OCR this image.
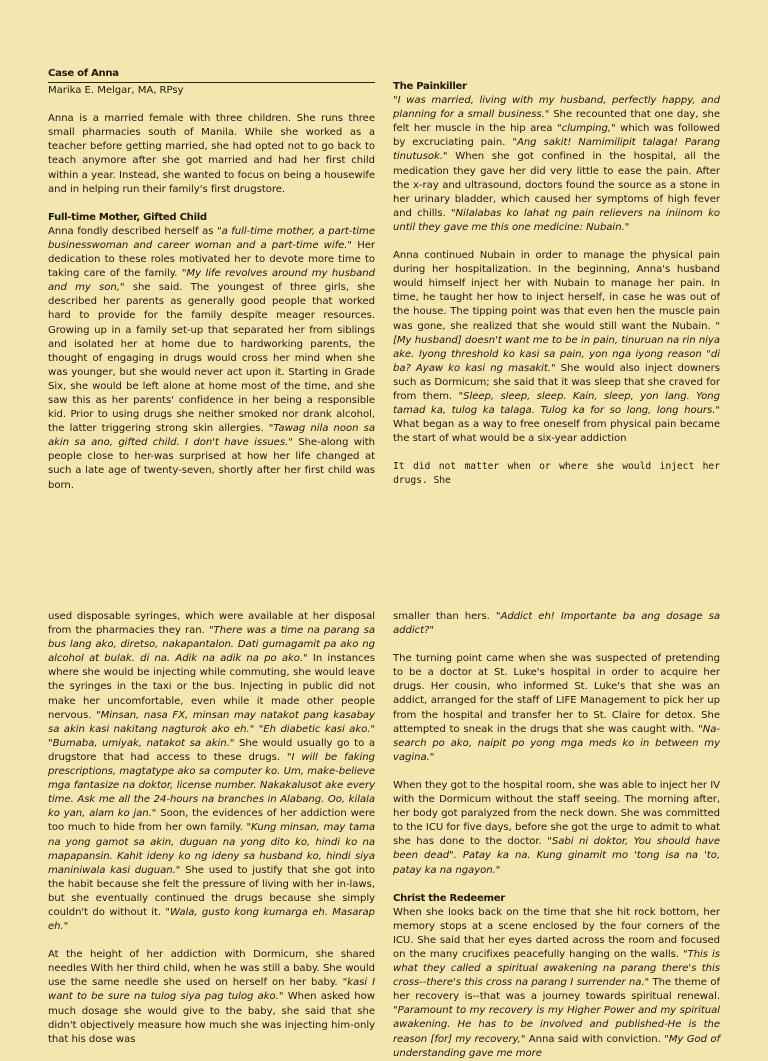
Case of Anna

Marika E. Melgar, MA, RPsy

Anna is a married female with three children. She runs three small pharmacies south of Manila. While she worked as a teacher before getting married, she had opted not to go back to teach anymore after she got married and had her first child within a year. Instead, she wanted to focus on being a housewife and in helping run their family's first drugstore.

Full-time Mother, Gifted Child

Anna fondly described herself as "a full-time mother, a part-time businesswoman and career woman and a part-time wife." Her dedication to these roles motivated her to devote more time to taking care of the family. "My life revolves around my husband and my son," she said. The youngest of three girls, she described her parents as generally good people that worked hard to provide for the family despite meager resources. Growing up in a family set-up that separated her from siblings and isolated her at home due to hardworking parents, the thought of engaging in drugs would cross her mind when she was younger, but she would never act upon it. Starting in Grade Six, she would be left alone at home most of the time, and she saw this as her parents' confidence in her being a responsible kid. Prior to using drugs she neither smoked nor drank alcohol, the latter triggering strong skin allergies. "Tawag nila noon sa akin sa ano, gifted child. I don't have issues." She-along with people close to her-was surprised at how her life changed at such a late age of twenty-seven, shortly after her first child was born.

The Painkiller

"I was married, living with my husband, perfectly happy, and planning for a small business." She recounted that one day, she felt her muscle in the hip area "clumping," which was followed by excruciating pain. "Ang sakit! Namimilipit talaga! Parang tinutusok." When she got confined in the hospital, all the medication they gave her did very little to ease the pain. After the x-ray and ultrasound, doctors found the source as a stone in her urinary bladder, which caused her symptoms of high fever and chills. "Nilalabas ko lahat ng pain relievers na iniinom ko until they gave me this one medicine: Nubain."

Anna continued Nubain in order to manage the physical pain during her hospitalization. In the beginning, Anna's husband would himself inject her with Nubain to manage her pain. In time, he taught her how to inject herself, in case he was out of the house. The tipping point was that even hen the muscle pain was gone, she realized that she would still want the Nubain. "[My husband] doesn't want me to be in pain, tinuruan na rin niya ake. Iyong threshold ko kasi sa pain, yon nga iyong reason "di ba? Ayaw ko kasi ng masakit." She would also inject downers such as Dormicum; she said that it was sleep that she craved for from them. "Sleep, sleep, sleep. Kain, sleep, yon lang. Yong tamad ka, tulog ka talaga. Tulog ka for so long, long hours." What began as a way to free oneself from physical pain became the start of what would be a six-year addiction

It did not matter when or where she would inject her drugs. She

used disposable syringes, which were available at her disposal from the pharmacies they ran. "There was a time na parang sa bus lang ako, diretso, nakapantalon. Dati gumagamit pa ako ng alcohol at bulak. di na. Adik na adik na po ako." In instances where she would be injecting while commuting, she would leave the syringes in the taxi or the bus. Injecting in public did not make her uncomfortable, even while it made other people nervous. "Minsan, nasa FX, minsan may natakot pang kasabay sa akin kasi nakitang nagturok ako eh." "Eh diabetic kasi ako." "Bumaba, umiyak, natakot sa akin." She would usually go to a drugstore that had access to these drugs. "I will be faking prescriptions, magtatype ako sa computer ko. Um, make-believe mga fantasize na doktor, license number. Nakakalusot ake every time. Ask me all the 24-hours na branches in Alabang. Oo, kilala ko yan, alam ko jan." Soon, the evidences of her addiction were too much to hide from her own family. "Kung minsan, may tama na yong gamot sa akin, duguan na yong dito ko, hindi ko na mapapansin. Kahit ideny ko ng ideny sa husband ko, hindi siya maniniwala kasi duguan." She used to justify that she got into the habit because she felt the pressure of living with her in-laws, but she eventually continued the drugs because she simply couldn't do without it. "Wala, gusto kong kumarga eh. Masarap eh."

At the height of her addiction with Dormicum, she shared needles With her third child, when he was still a baby. She would use the same needle she used on herself on her baby. "kasi I want to be sure na tulog siya pag tulog ako." When asked how much dosage she would give to the baby, she said that she didn't objectively measure how much she was injecting him-only that his dose was

smaller than hers. "Addict eh! Importante ba ang dosage sa addict?"

The turning point came when she was suspected of pretending to be a doctor at St. Luke's hospital in order to acquire her drugs. Her cousin, who informed St. Luke's that she was an addict, arranged for the staff of LIFE Management to pick her up from the hospital and transfer her to St. Claire for detox. She attempted to sneak in the drugs that she was caught with. "Na-search po ako, naipit po yong mga meds ko in between my vagina."

When they got to the hospital room, she was able to inject her IV with the Dormicum without the staff seeing. The morning after, her body got paralyzed from the neck down. She was committed to the ICU for five days, before she got the urge to admit to what she has done to the doctor. "Sabi ni doktor, You should have been dead". Patay ka na. Kung ginamit mo 'tong isa na 'to, patay ka na ngayon."

Christ the Redeemer

When she looks back on the time that she hit rock bottom, her memory stops at a scene enclosed by the four corners of the ICU. She said that her eyes darted across the room and focused on the many crucifixes peacefully hanging on the walls. "This is what they called a spiritual awakening na parang there's this cross--there's this cross na parang I surrender na." The theme of her recovery is--that was a journey towards spiritual renewal. "Paramount to my recovery is my Higher Power and my spiritual awakening. He has to be involved and published-He is the reason [for] my recovery," Anna said with conviction. "My God of understanding gave me more
